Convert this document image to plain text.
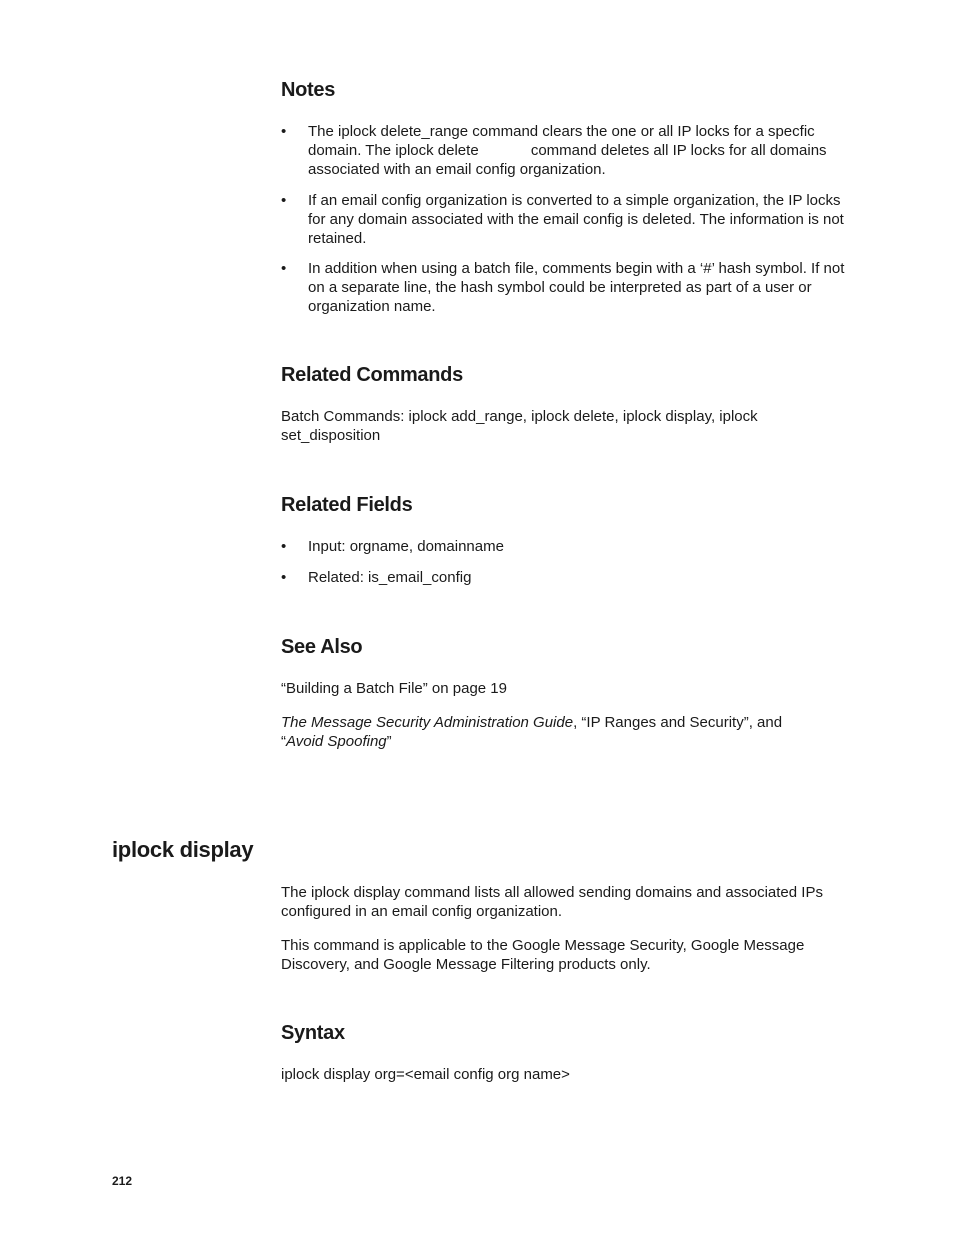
Notes
• The iplock delete_range command clears the one or all IP locks for a specfic domain. The iplock delete	command deletes all IP locks for all domains associated with an email config organization.
• If an email config organization is converted to a simple organization, the IP locks for any domain associated with the email config is deleted. The information is not retained.
• In addition when using a batch file, comments begin with a ‘#’ hash symbol. If not on a separate line, the hash symbol could be interpreted as part of a user or organization name.
Related Commands

Batch Commands: iplock add_range, iplock delete, iplock display, iplock set_disposition

Related Fields
• Input: orgname, domainname
• Related: is_email_config
See Also

“Building a Batch File” on page 19

The Message Security Administration Guide, “IP Ranges and Security”, and “Avoid Spoofing”

iplock display

The iplock display command lists all allowed sending domains and associated IPs configured in an email config organization.

This command is applicable to the Google Message Security, Google Message Discovery, and Google Message Filtering products only.

Syntax

iplock display org=<email config org name>

212
